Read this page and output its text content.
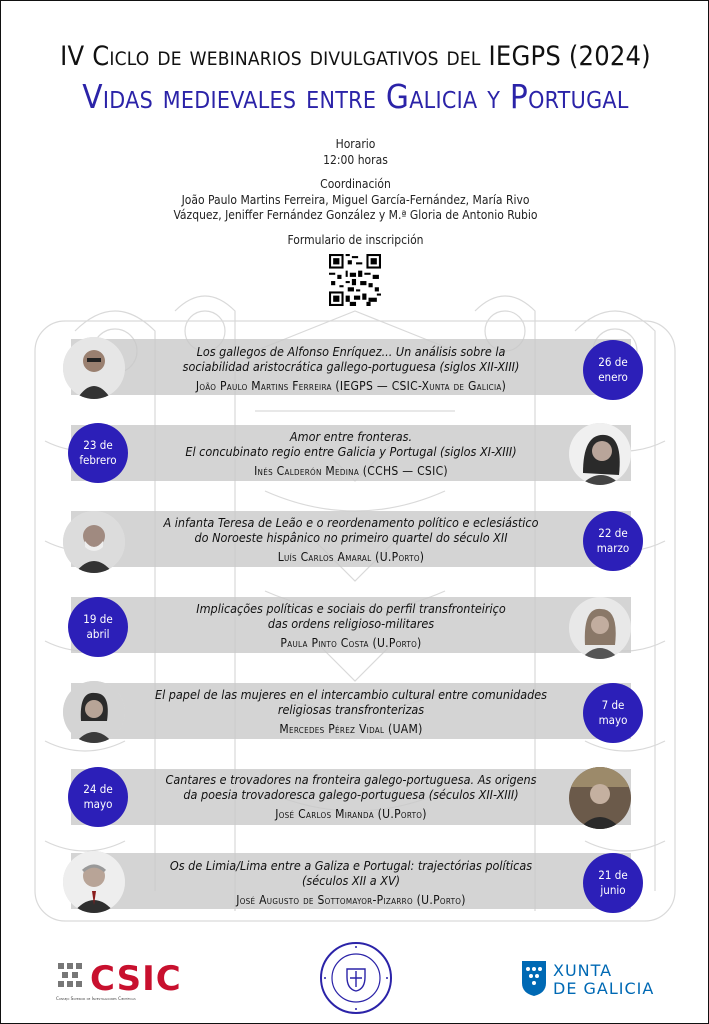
IV Ciclo de webinarios divulgativos del IEGPS (2024)
Vidas medievales entre Galicia y Portugal
Horario
12:00 horas
Coordinación
João Paulo Martins Ferreira, Miguel García-Fernández, María Rivo
Vázquez, Jeniffer Fernández González y M.ª Gloria de Antonio Rubio
Formulario de inscripción
Los gallegos de Alfonso Enríquez... Un análisis sobre la
sociabilidad aristocrática gallego-portuguesa (siglos XII-XIII)
João Paulo Martins Ferreira (IEGPS — CSIC-Xunta de Galicia)
26 de
enero
Amor entre fronteras.
El concubinato regio entre Galicia y Portugal (siglos XI-XIII)
Inés Calderón Medina (CCHS — CSIC)
23 de
febrero
A infanta Teresa de Leão e o reordenamento político e eclesiástico
do Noroeste hispânico no primeiro quartel do século XII
Luís Carlos Amaral (U.Porto)
22 de
marzo
Implicações políticas e sociais do perfil transfronteiriço
das ordens religioso-militares
Paula Pinto Costa (U.Porto)
19 de
abril
El papel de las mujeres en el intercambio cultural entre comunidades
religiosas transfronterizas
Mercedes Pérez Vidal (UAM)
7 de
mayo
Cantares e trovadores na fronteira galego-portuguesa. As origens
da poesia trovadoresca galego-portuguesa (séculos XII-XIII)
José Carlos Miranda (U.Porto)
24 de
mayo
Os de Limia/Lima entre a Galiza e Portugal: trajectórias políticas
(séculos XII a XV)
José Augusto de Sottomayor-Pizarro (U.Porto)
21 de
junio
CSIC
Consejo Superior de Investigaciones Científicas
XUNTA
DE GALICIA
